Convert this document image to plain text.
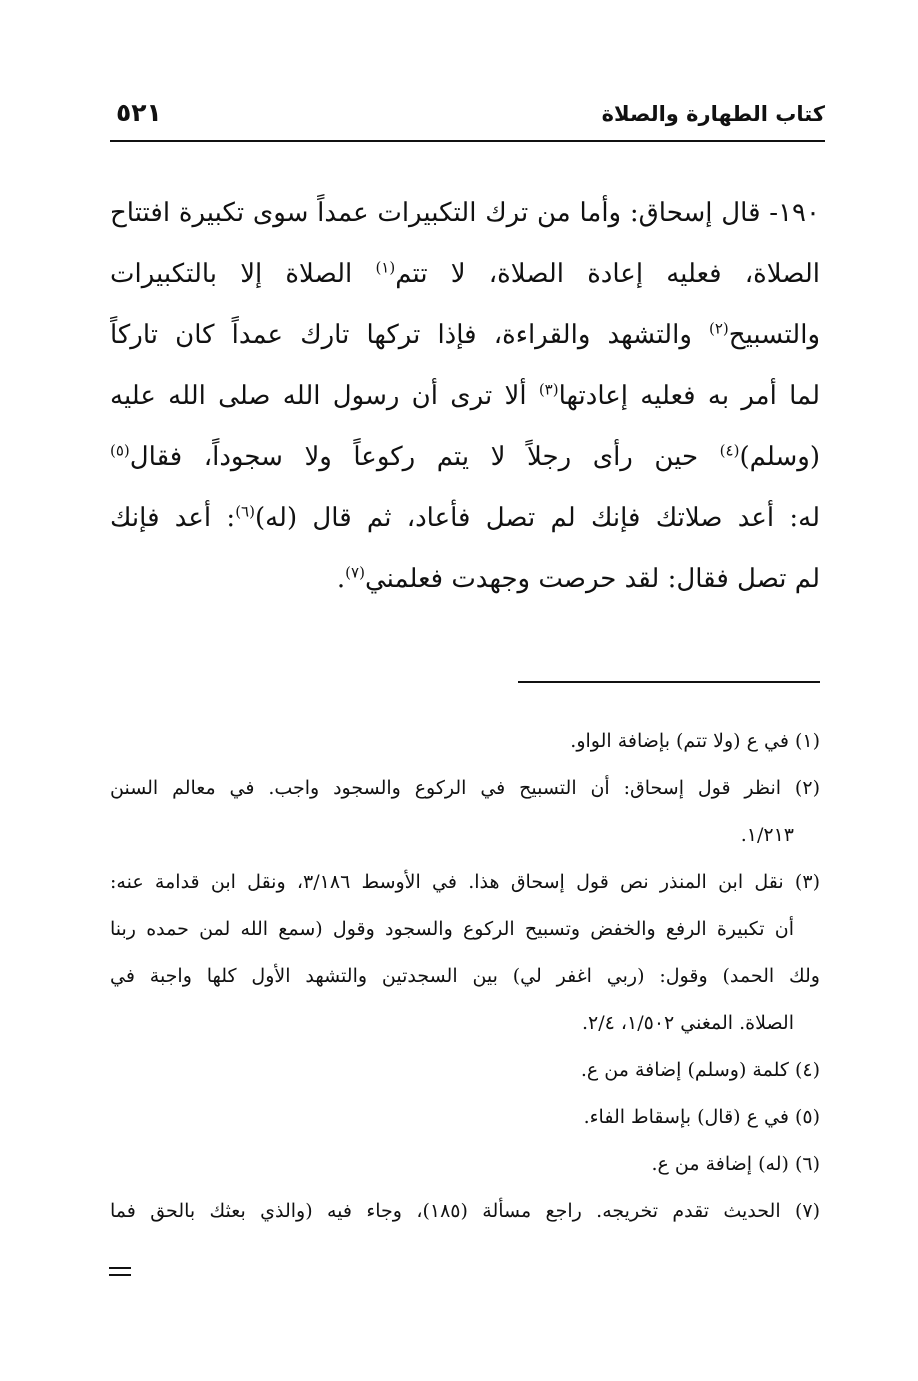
كتاب الطهارة والصلاة
٥٢١
١٩٠- قال إسحاق: وأما من ترك التكبيرات عمداً سوى تكبيرة افتتاح
الصلاة، فعليه إعادة الصلاة، لا تتم$^{(١)}$ الصلاة إلا بالتكبيرات
والتسبيح$^{(٢)}$ والتشهد والقراءة، فإذا تركها تارك عمداً كان تاركاً
لما أمر به فعليه إعادتها$^{(٣)}$ ألا ترى أن رسول الله صلى الله عليه
(وسلم)$^{(٤)}$ حين رأى رجلاً لا يتم ركوعاً ولا سجوداً، فقال$^{(٥)}$
له: أعد صلاتك فإنك لم تصل فأعاد، ثم قال (له)$^{(٦)}$: أعد فإنك
لم تصل فقال: لقد حرصت وجهدت فعلمني$^{(٧)}$.
(١) في ع (ولا تتم) بإضافة الواو.
(٢) انظر قول إسحاق: أن التسبيح في الركوع والسجود واجب. في معالم السنن
١/٢١٣.
(٣) نقل ابن المنذر نص قول إسحاق هذا. في الأوسط ٣/١٨٦، ونقل ابن قدامة عنه:
أن تكبيرة الرفع والخفض وتسبيح الركوع والسجود وقول (سمع الله لمن حمده ربنا
ولك الحمد) وقول: (ربي اغفر لي) بين السجدتين والتشهد الأول كلها واجبة في
الصلاة. المغني ١/٥٠٢، ٢/٤.
(٤) كلمة (وسلم) إضافة من ع.
(٥) في ع (قال) بإسقاط الفاء.
(٦) (له) إضافة من ع.
(٧) الحديث تقدم تخريجه. راجع مسألة (١٨٥)، وجاء فيه (والذي بعثك بالحق فما
